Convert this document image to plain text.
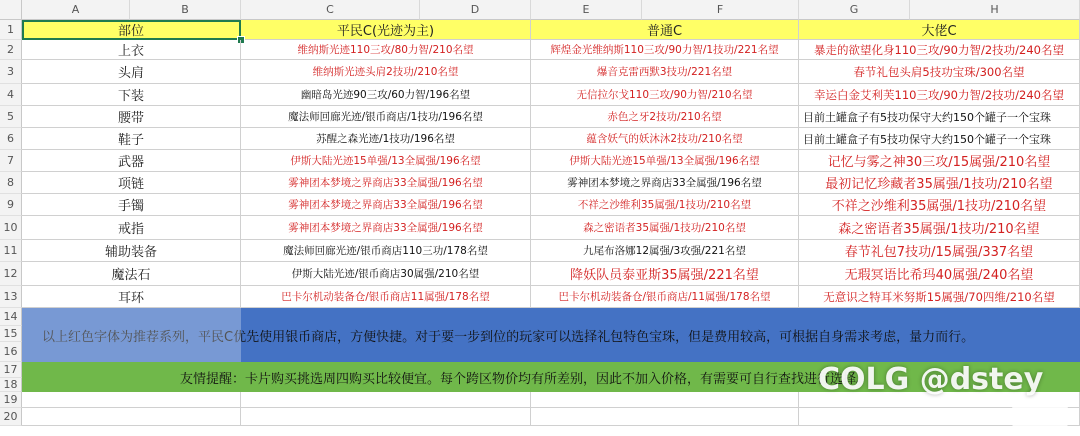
A	B	C	D	E	F	G	H
1
2
3
4
5
6
7
8
9
10
11
12
13
14
15
16
17
18
19
20
部位	平民C(光迹为主)	普通C	大佬C
上衣	维纳斯光迹110三攻/80力智/210名望	辉煌金光维纳斯110三攻/90力智/1技功/221名望	暴走的欲望化身110三攻/90力智/2技功/240名望
头肩	维纳斯光迹头肩2技功/210名望	爆音克雷西默3技功/221名望	春节礼包头肩5技功宝珠/300名望
下装	幽暗岛光迹90三攻/60力智/196名望	无信拉尔戈110三攻/90力智/210名望	幸运白金艾利芙110三攻/90力智/2技功/240名望
腰带	魔法师回廊光迹/银币商店/1技功/196名望	赤色之牙2技功/210名望	目前土罐盒子有5技功保守大约150个罐子一个宝珠
鞋子	苏醒之森光迹/1技功/196名望	蕴含妖气的妖沐沐2技功/210名望	目前土罐盒子有5技功保守大约150个罐子一个宝珠
武器	伊斯大陆光迹15单强/13全属强/196名望	伊斯大陆光迹15单强/13全属强/196名望	记忆与雾之神30三攻/15属强/210名望
项链	雾神团本梦境之界商店33全属强/196名望	雾神团本梦境之界商店33全属强/196名望	最初记忆珍藏者35属强/1技功/210名望
手镯	雾神团本梦境之界商店33全属强/196名望	不祥之沙维利35属强/1技功/210名望	不祥之沙维利35属强/1技功/210名望
戒指	雾神团本梦境之界商店33全属强/196名望	森之密语者35属强/1技功/210名望	森之密语者35属强/1技功/210名望
辅助装备	魔法师回廊光迹/银币商店110三功/178名望	九尾布洛娜12属强/3攻强/221名望	春节礼包7技功/15属强/337名望
魔法石	伊斯大陆光迹/银币商店30属强/210名望	降妖队员泰亚斯35属强/221名望	无瑕冥语比希玛40属强/240名望
耳环	巴卡尔机动装备仓/银币商店11属强/178名望	巴卡尔机动装备仓/银币商店/11属强/178名望	无意识之特耳米努斯15属强/70四维/210名望
以上红色字体为推荐系列，平民C优先使用银币商店，方便快捷。对于要一步到位的玩家可以选择礼包特色宝珠，但是费用较高，可根据自身需求考虑，量力而行。
友情提醒：卡片购买挑选周四购买比较便宜。每个跨区物价均有所差别，因此不加入价格，有需要可自行查找进行选择。
COLG @dstey
